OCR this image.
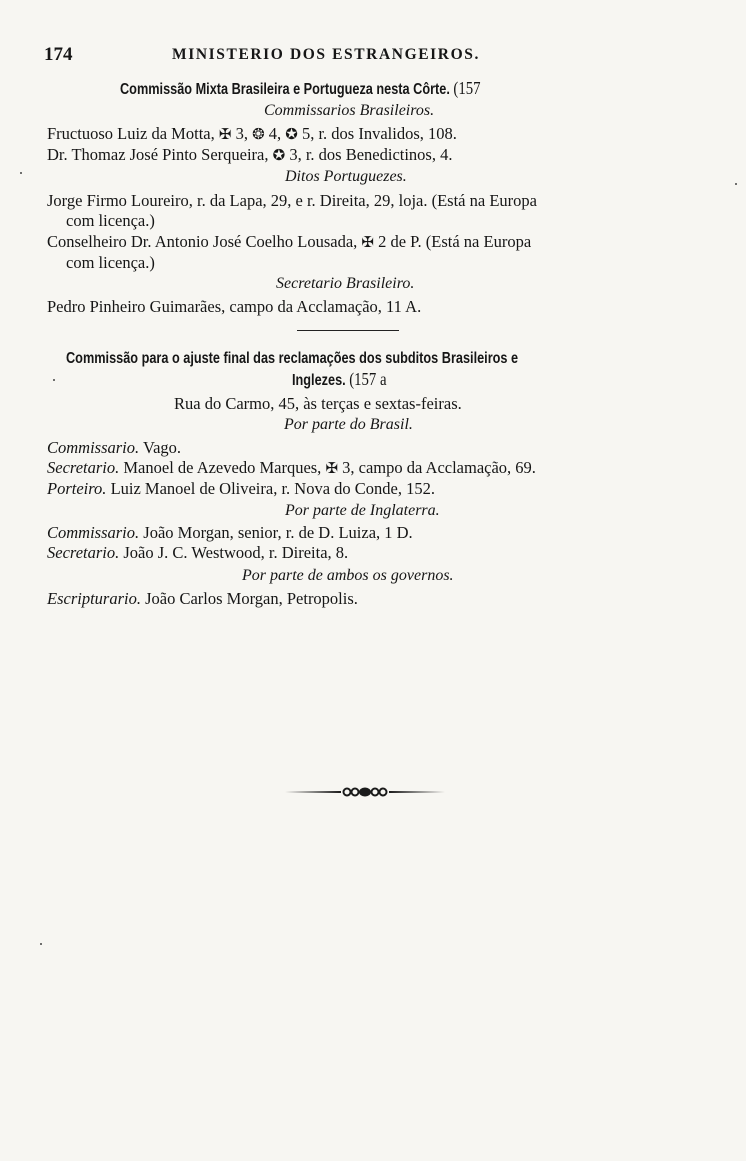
174	MINISTERIO DOS ESTRANGEIROS.
Commissão Mixta Brasileira e Portugueza nesta Côrte. (157
Commissarios Brasileiros.
Fructuoso Luiz da Motta, ✠ 3, ❂ 4, ✪ 5, r. dos Invalidos, 108.
Dr. Thomaz José Pinto Serqueira, ✪ 3, r. dos Benedictinos, 4.
Ditos Portuguezes.
Jorge Firmo Loureiro, r. da Lapa, 29, e r. Direita, 29, loja. (Está na Europa
com licença.)
Conselheiro Dr. Antonio José Coelho Lousada, ✠ 2 de P. (Está na Europa
com licença.)
Secretario Brasileiro.
Pedro Pinheiro Guimarães, campo da Acclamação, 11 A.
Commissão para o ajuste final das reclamações dos subditos Brasileiros e
Inglezes. (157 a
Rua do Carmo, 45, às terças e sextas-feiras.
Por parte do Brasil.
Commissario. Vago.
Secretario. Manoel de Azevedo Marques, ✠ 3, campo da Acclamação, 69.
Porteiro. Luiz Manoel de Oliveira, r. Nova do Conde, 152.
Por parte de Inglaterra.
Commissario. João Morgan, senior, r. de D. Luiza, 1 D.
Secretario. João J. C. Westwood, r. Direita, 8.
Por parte de ambos os governos.
Escripturario. João Carlos Morgan, Petropolis.
